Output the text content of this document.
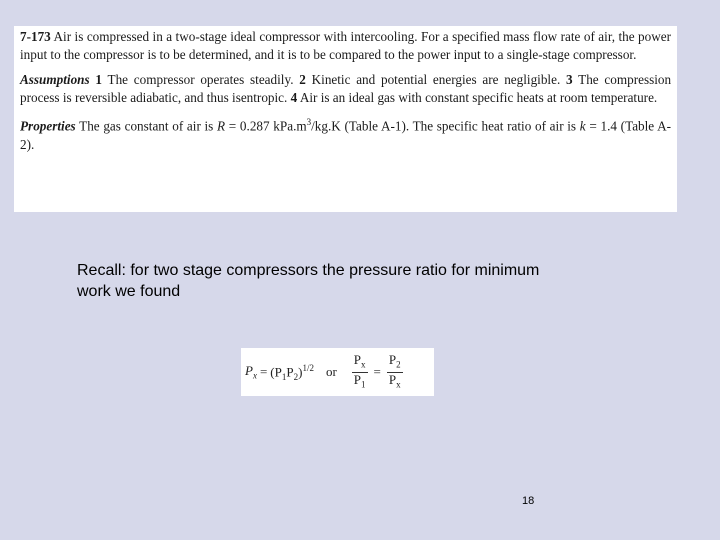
7-173 Air is compressed in a two-stage ideal compressor with intercooling. For a specified mass flow rate of air, the power input to the compressor is to be determined, and it is to be compared to the power input to a single-stage compressor.

Assumptions 1 The compressor operates steadily. 2 Kinetic and potential energies are negligible. 3 The compression process is reversible adiabatic, and thus isentropic. 4 Air is an ideal gas with constant specific heats at room temperature.

Properties The gas constant of air is R = 0.287 $kPa.m^3/kg.K$ (Table A-1). The specific heat ratio of air is k = 1.4 (Table A-2).

Recall: for two stage compressors the pressure ratio for minimum work we found

$P_x = (P_1P_2)^{1/2}$ or $\frac{P_x}{P_1} = \frac{P_2}{P_x}$
18
